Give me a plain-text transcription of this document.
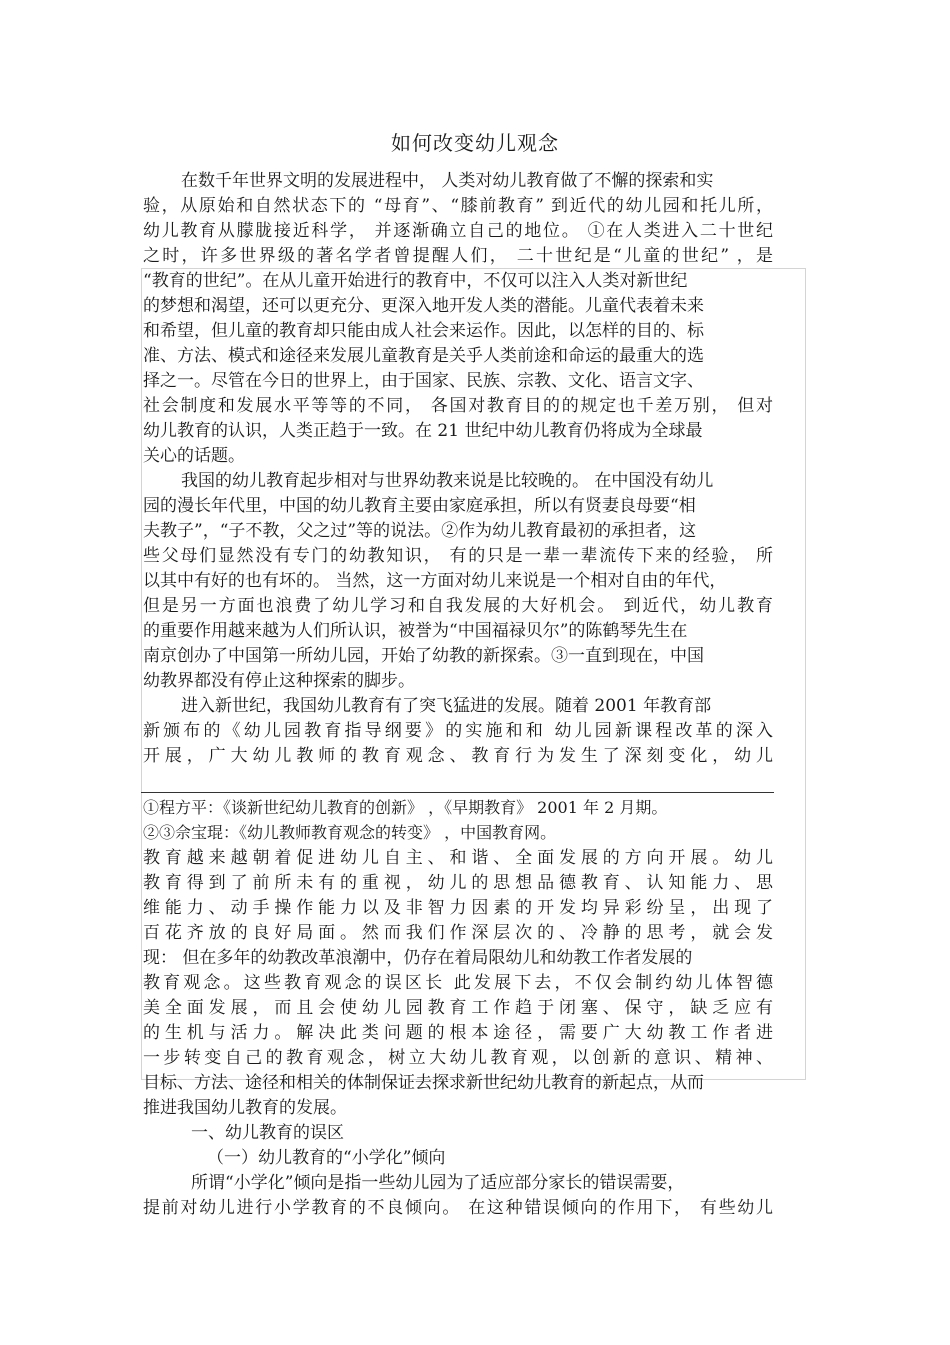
如何改变幼儿观念
在数千年世界文明的发展进程中， 人类对幼儿教育做了不懈的探索和实
验，从原始和自然状态下的 “母育”、“膝前教育” 到近代的幼儿园和托儿所，
幼儿教育从朦胧接近科学， 并逐渐确立自己的地位。 ①在人类进入二十世纪
之时，许多世界级的著名学者曾提醒人们， 二十世纪是“儿童的世纪” ，是
“教育的世纪”。在从儿童开始进行的教育中，不仅可以注入人类对新世纪
的梦想和渴望，还可以更充分、更深入地开发人类的潜能。儿童代表着未来
和希望，但儿童的教育却只能由成人社会来运作。因此，以怎样的目的、标
准、方法、模式和途径来发展儿童教育是关乎人类前途和命运的最重大的选
择之一。尽管在今日的世界上，由于国家、民族、宗教、文化、语言文字、
社会制度和发展水平等等的不同， 各国对教育目的的规定也千差万别， 但对
幼儿教育的认识，人类正趋于一致。在 21 世纪中幼儿教育仍将成为全球最
关心的话题。
我国的幼儿教育起步相对与世界幼教来说是比较晚的。 在中国没有幼儿
园的漫长年代里，中国的幼儿教育主要由家庭承担，所以有贤妻良母要“相
夫教子”，“子不教，父之过”等的说法。②作为幼儿教育最初的承担者，这
些父母们显然没有专门的幼教知识， 有的只是一辈一辈流传下来的经验， 所
以其中有好的也有坏的。 当然，这一方面对幼儿来说是一个相对自由的年代，
但是另一方面也浪费了幼儿学习和自我发展的大好机会。 到近代，幼儿教育
的重要作用越来越为人们所认识，被誉为“中国福禄贝尔”的陈鹤琴先生在
南京创办了中国第一所幼儿园，开始了幼教的新探索。③一直到现在，中国
幼教界都没有停止这种探索的脚步。
进入新世纪，我国幼儿教育有了突飞猛进的发展。随着 2001 年教育部
新颁布的《幼儿园教育指导纲要》的实施和和 幼儿园新课程改革的深入
开展，广大幼儿教师的教育观念、教育行为发生了深刻变化，幼儿
①程方平：《谈新世纪幼儿教育的创新》 ，《早期教育》 2001 年 2 月期。
②③佘宝琨：《幼儿教师教育观念的转变》 ，中国教育网。
教育越来越朝着促进幼儿自主、和谐、全面发展的方向开展。幼儿
教育得到了前所未有的重视，幼儿的思想品德教育、认知能力、思
维能力、动手操作能力以及非智力因素的开发均异彩纷呈，出现了
百花齐放的良好局面。然而我们作深层次的、冷静的思考，就会发
现： 但在多年的幼教改革浪潮中，仍存在着局限幼儿和幼教工作者发展的
教育观念。这些教育观念的误区长 此发展下去，不仅会制约幼儿体智德
美全面发展，而且会使幼儿园教育工作趋于闭塞、保守，缺乏应有
的生机与活力。解决此类问题的根本途径，需要广大幼教工作者进
一步转变自己的教育观念，树立大幼儿教育观，以创新的意识、精神、
目标、方法、途径和相关的体制保证去探求新世纪幼儿教育的新起点，从而
推进我国幼儿教育的发展。
一、幼儿教育的误区
（一）幼儿教育的“小学化”倾向
所谓“小学化”倾向是指一些幼儿园为了适应部分家长的错误需要，
提前对幼儿进行小学教育的不良倾向。 在这种错误倾向的作用下， 有些幼儿
